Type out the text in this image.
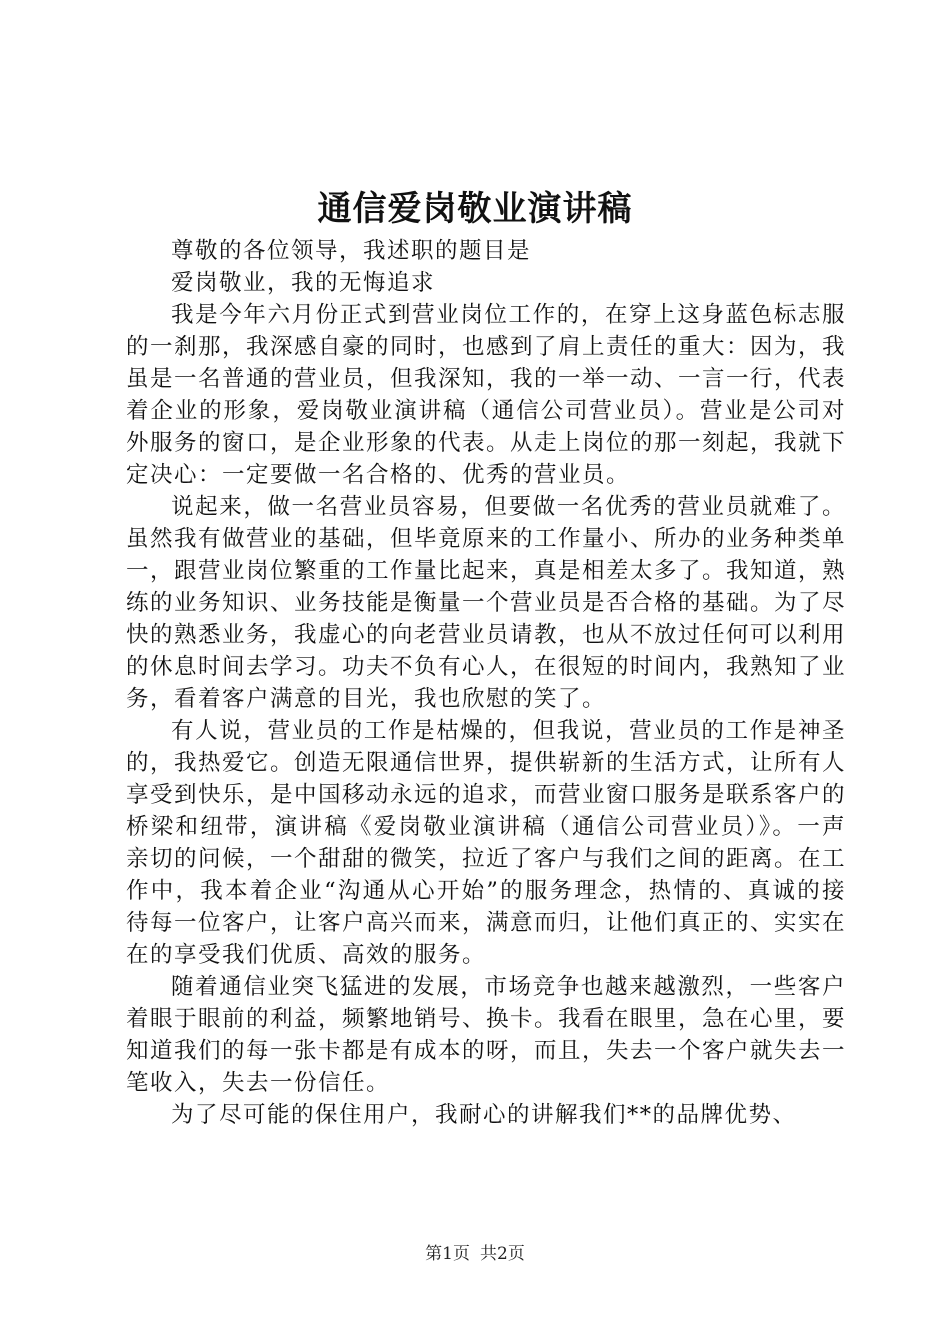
通信爱岗敬业演讲稿

尊敬的各位领导，我述职的题目是

爱岗敬业，我的无悔追求

我是今年六月份正式到营业岗位工作的，在穿上这身蓝色标志服的一刹那，我深感自豪的同时，也感到了肩上责任的重大：因为，我虽是一名普通的营业员，但我深知，我的一举一动、一言一行，代表着企业的形象，爱岗敬业演讲稿（通信公司营业员）。营业是公司对外服务的窗口，是企业形象的代表。从走上岗位的那一刻起，我就下定决心：一定要做一名合格的、优秀的营业员。

说起来，做一名营业员容易，但要做一名优秀的营业员就难了。虽然我有做营业的基础，但毕竟原来的工作量小、所办的业务种类单一，跟营业岗位繁重的工作量比起来，真是相差太多了。我知道，熟练的业务知识、业务技能是衡量一个营业员是否合格的基础。为了尽快的熟悉业务，我虚心的向老营业员请教，也从不放过任何可以利用的休息时间去学习。功夫不负有心人，在很短的时间内，我熟知了业务，看着客户满意的目光，我也欣慰的笑了。

有人说，营业员的工作是枯燥的，但我说，营业员的工作是神圣的，我热爱它。创造无限通信世界，提供崭新的生活方式，让所有人享受到快乐，是中国移动永远的追求，而营业窗口服务是联系客户的桥梁和纽带，演讲稿《爱岗敬业演讲稿（通信公司营业员）》。一声亲切的问候，一个甜甜的微笑，拉近了客户与我们之间的距离。在工作中，我本着企业“沟通从心开始”的服务理念，热情的、真诚的接待每一位客户，让客户高兴而来，满意而归，让他们真正的、实实在在的享受我们优质、高效的服务。

随着通信业突飞猛进的发展，市场竞争也越来越激烈，一些客户着眼于眼前的利益，频繁地销号、换卡。我看在眼里，急在心里，要知道我们的每一张卡都是有成本的呀，而且，失去一个客户就失去一笔收入，失去一份信任。

为了尽可能的保住用户，我耐心的讲解我们**的品牌优势、

第1页 共2页
